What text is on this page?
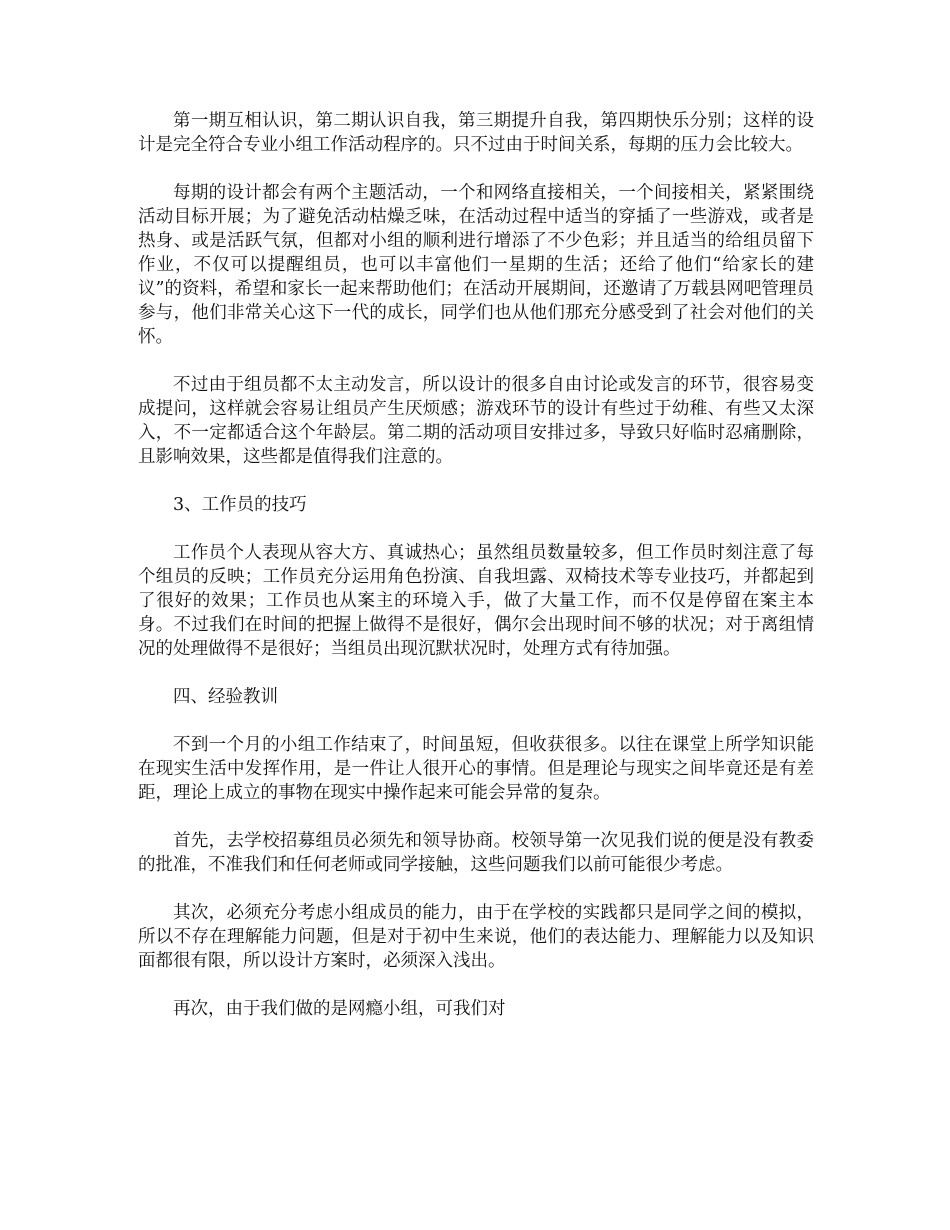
第一期互相认识，第二期认识自我，第三期提升自我，第四期快乐分别；这样的设计是完全符合专业小组工作活动程序的。只不过由于时间关系，每期的压力会比较大。

每期的设计都会有两个主题活动，一个和网络直接相关，一个间接相关，紧紧围绕活动目标开展；为了避免活动枯燥乏味，在活动过程中适当的穿插了一些游戏，或者是热身、或是活跃气氛，但都对小组的顺利进行增添了不少色彩；并且适当的给组员留下作业，不仅可以提醒组员，也可以丰富他们一星期的生活；还给了他们“给家长的建议”的资料，希望和家长一起来帮助他们；在活动开展期间，还邀请了万载县网吧管理员参与，他们非常关心这下一代的成长，同学们也从他们那充分感受到了社会对他们的关怀。

不过由于组员都不太主动发言，所以设计的很多自由讨论或发言的环节，很容易变成提问，这样就会容易让组员产生厌烦感；游戏环节的设计有些过于幼稚、有些又太深入，不一定都适合这个年龄层。第二期的活动项目安排过多，导致只好临时忍痛删除，且影响效果，这些都是值得我们注意的。

3、工作员的技巧

工作员个人表现从容大方、真诚热心；虽然组员数量较多，但工作员时刻注意了每个组员的反映；工作员充分运用角色扮演、自我坦露、双椅技术等专业技巧，并都起到了很好的效果；工作员也从案主的环境入手，做了大量工作，而不仅是停留在案主本身。不过我们在时间的把握上做得不是很好，偶尔会出现时间不够的状况；对于离组情况的处理做得不是很好；当组员出现沉默状况时，处理方式有待加强。

四、经验教训

不到一个月的小组工作结束了，时间虽短，但收获很多。以往在课堂上所学知识能在现实生活中发挥作用，是一件让人很开心的事情。但是理论与现实之间毕竟还是有差距，理论上成立的事物在现实中操作起来可能会异常的复杂。

首先，去学校招募组员必须先和领导协商。校领导第一次见我们说的便是没有教委的批准，不准我们和任何老师或同学接触，这些问题我们以前可能很少考虑。

其次，必须充分考虑小组成员的能力，由于在学校的实践都只是同学之间的模拟，所以不存在理解能力问题，但是对于初中生来说，他们的表达能力、理解能力以及知识面都很有限，所以设计方案时，必须深入浅出。

再次，由于我们做的是网瘾小组，可我们对
